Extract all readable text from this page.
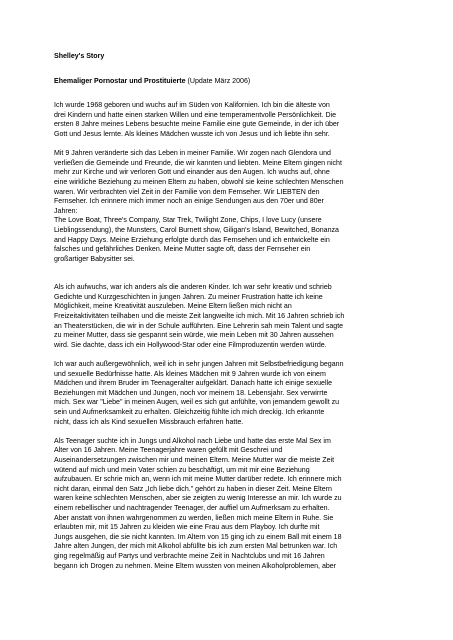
Shelley's Story
Ehemaliger Pornostar und Prostituierte (Update März 2006)

Ich wurde 1968 geboren und wuchs auf im Süden von Kalifornien. Ich bin die älteste von
drei Kindern und hatte einen starken Willen und eine temperamentvolle Persönlichkeit. Die
ersten 8 Jahre meines Lebens besuchte meine Familie eine gute Gemeinde, in der ich über
Gott und Jesus lernte. Als kleines Mädchen wusste ich von Jesus und ich liebte ihn sehr.

Mit 9 Jahren veränderte sich das Leben in meiner Familie. Wir zogen nach Glendora und
verließen die Gemeinde und Freunde, die wir kannten und liebten. Meine Eltern gingen nicht
mehr zur Kirche und wir verloren Gott und einander aus den Augen. Ich wuchs auf, ohne
eine wirkliche Beziehung zu meinen Eltern zu haben, obwohl sie keine schlechten Menschen
waren. Wir verbrachten viel Zeit in der Familie von dem Fernseher. Wir LIEBTEN den
Fernseher. Ich erinnere mich immer noch an einige Sendungen aus den 70er und 80er
Jahren:
The Love Boat, Three's Company, Star Trek, Twilight Zone, Chips, I love Lucy (unsere
Lieblingssendung), the Munsters, Carol Burnett show, Giligan's Island, Bewitched, Bonanza
and Happy Days. Meine Erziehung erfolgte durch das Fernsehen und ich entwickelte ein
falsches und gefährliches Denken. Meine Mutter sagte oft, dass der Fernseher ein
großartiger Babysitter sei.

Als ich aufwuchs, war ich anders als die anderen Kinder. Ich war sehr kreativ und schrieb
Gedichte und Kurzgeschichten in jungen Jahren. Zu meiner Frustration hatte ich keine
Möglichkeit, meine Kreativität auszuleben. Meine Eltern ließen mich nicht an
Freizeitaktivitäten teilhaben und die meiste Zeit langweilte ich mich. Mit 16 Jahren schrieb ich
an Theaterstücken, die wir in der Schule aufführten. Eine Lehrerin sah mein Talent und sagte
zu meiner Mutter, dass sie gespannt sein würde, wie mein Leben mit 30 Jahren aussehen
wird. Sie dachte, dass ich ein Hollywood-Star oder eine Filmproduzentin werden würde.

Ich war auch außergewöhnlich, weil ich in sehr jungen Jahren mit Selbstbefriedigung begann
und sexuelle Bedürfnisse hatte. Als kleines Mädchen mit 9 Jahren wurde ich von einem
Mädchen und ihrem Bruder im Teenageralter aufgeklärt. Danach hatte ich einige sexuelle
Beziehungen mit Mädchen und Jungen, noch vor meinem 18. Lebensjahr. Sex verwirrte
mich. Sex war "Liebe" in meinen Augen, weil es sich gut anfühlte, von jemandem gewollt zu
sein und Aufmerksamkeit zu erhalten. Gleichzeitig fühlte ich mich dreckig. Ich erkannte
nicht, dass ich als Kind sexuellen Missbrauch erfahren hatte.

Als Teenager suchte ich in Jungs und Alkohol nach Liebe und hatte das erste Mal Sex im
Alter von 16 Jahren. Meine Teenagerjahre waren gefüllt mit Geschrei und
Auseinandersetzungen zwischen mir und meinen Eltern. Meine Mutter war die meiste Zeit
wütend auf mich und mein Vater schien zu beschäftigt, um mit mir eine Beziehung
aufzubauen. Er schrie mich an, wenn ich mit meine Mutter darüber redete. Ich erinnere mich
nicht daran, einmal den Satz „Ich liebe dich." gehört zu haben in dieser Zeit. Meine Eltern
waren keine schlechten Menschen, aber sie zeigten zu wenig Interesse an mir. Ich wurde zu
einem rebellischer und nachtragender Teenager, der auffiel um Aufmerksam zu erhalten.
Aber anstatt von ihnen wahrgenommen zu werden, ließen mich meine Eltern in Ruhe. Sie
erlaubten mir, mit 15 Jahren zu kleiden wie eine Frau aus dem Playboy. Ich durfte mit
Jungs ausgehen, die sie nicht kannten. Im Altern von 15 ging ich zu einem Ball mit einem 18
Jahre alten Jungen, der mich mit Alkohol abfüllte bis ich zum ersten Mal betrunken war. Ich
ging regelmäßig auf Partys und verbrachte meine Zeit in Nachtclubs und mit 16 Jahren
begann ich Drogen zu nehmen. Meine Eltern wussten von meinen Alkoholproblemen, aber
